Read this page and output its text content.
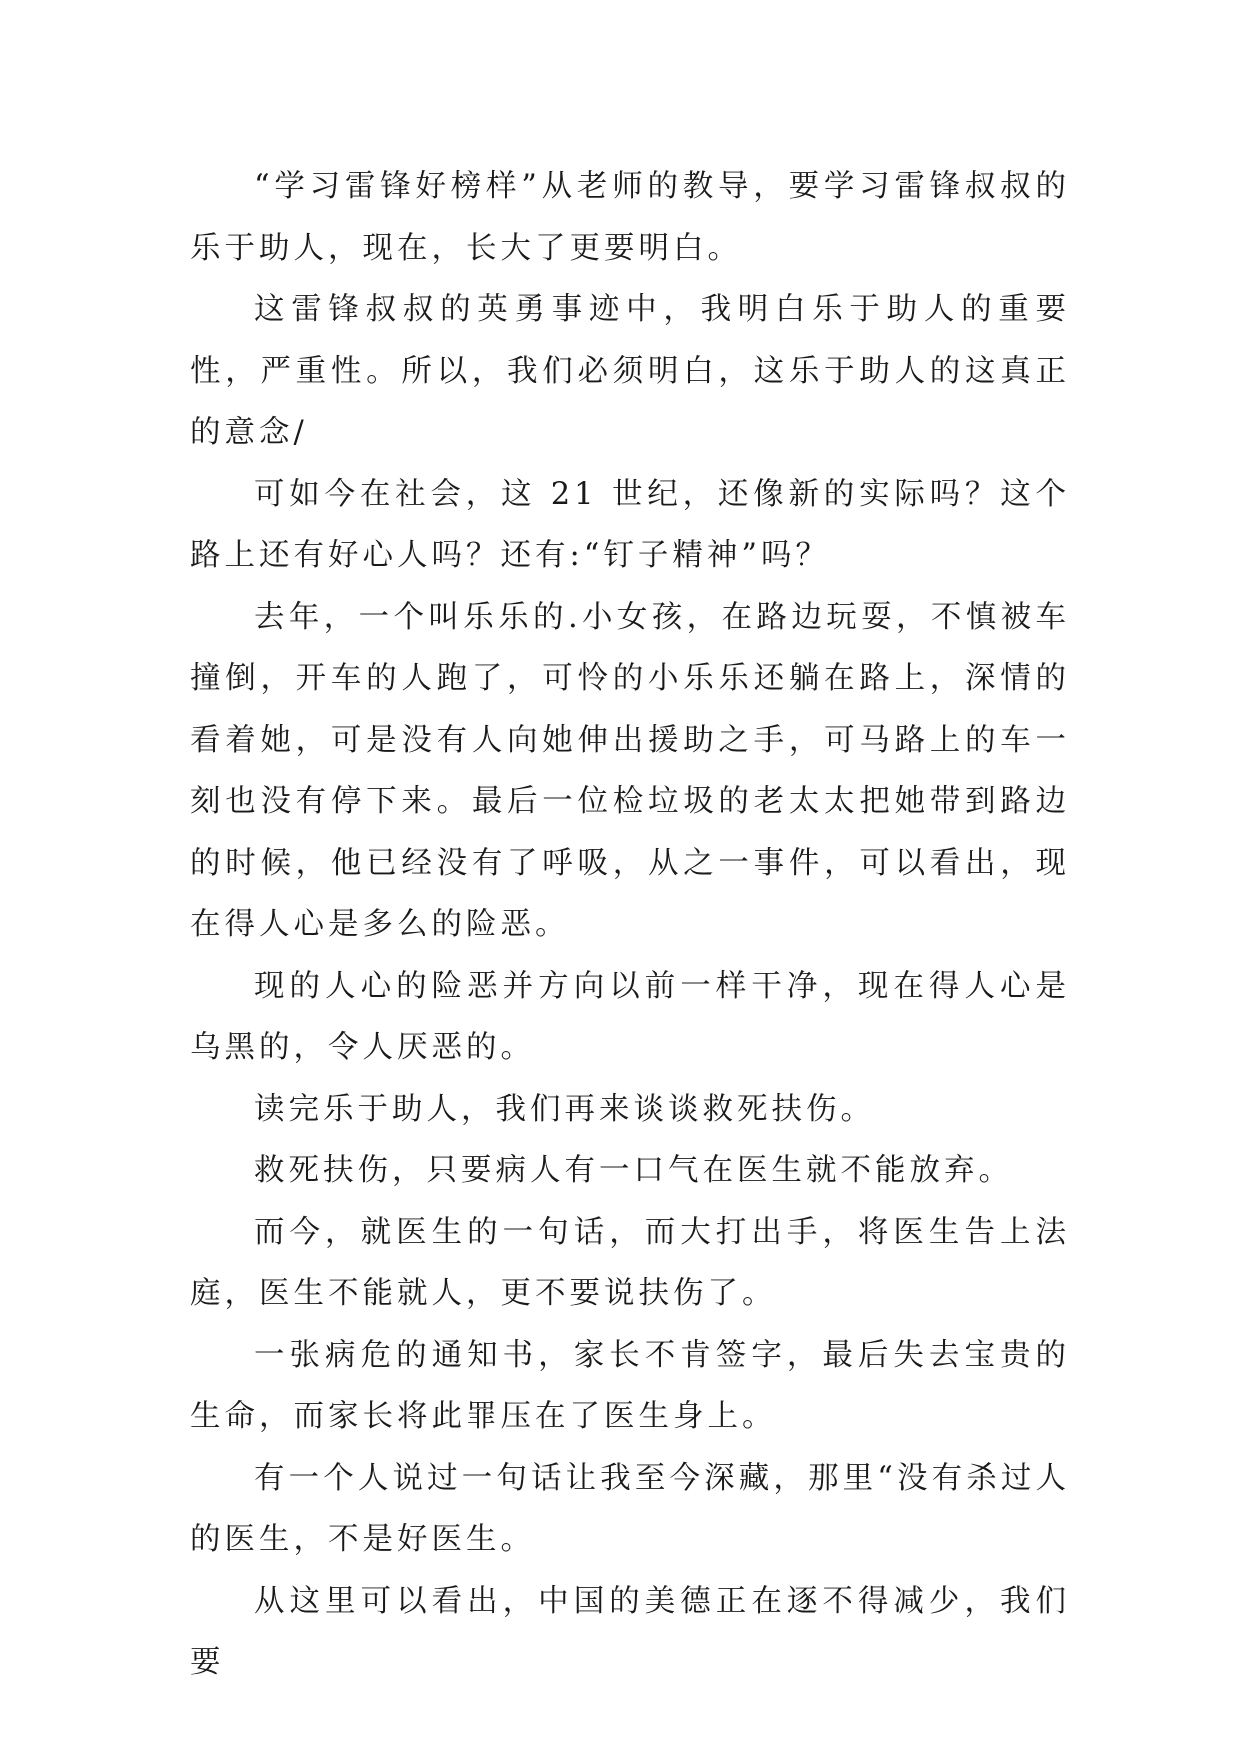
“学习雷锋好榜样”从老师的教导，要学习雷锋叔叔的乐于助人，现在，长大了更要明白。

这雷锋叔叔的英勇事迹中，我明白乐于助人的重要性，严重性。所以，我们必须明白，这乐于助人的这真正的意念/

可如今在社会，这 21 世纪，还像新的实际吗？这个路上还有好心人吗？还有:“钉子精神”吗？

去年，一个叫乐乐的.小女孩，在路边玩耍，不慎被车撞倒，开车的人跑了，可怜的小乐乐还躺在路上，深情的看着她，可是没有人向她伸出援助之手，可马路上的车一刻也没有停下来。最后一位检垃圾的老太太把她带到路边的时候，他已经没有了呼吸，从之一事件，可以看出，现在得人心是多么的险恶。

现的人心的险恶并方向以前一样干净，现在得人心是乌黑的，令人厌恶的。

读完乐于助人，我们再来谈谈救死扶伤。

救死扶伤，只要病人有一口气在医生就不能放弃。

而今，就医生的一句话，而大打出手，将医生告上法庭，医生不能就人，更不要说扶伤了。

一张病危的通知书，家长不肯签字，最后失去宝贵的生命，而家长将此罪压在了医生身上。

有一个人说过一句话让我至今深藏，那里“没有杀过人的医生，不是好医生。

从这里可以看出，中国的美德正在逐不得减少，我们要
